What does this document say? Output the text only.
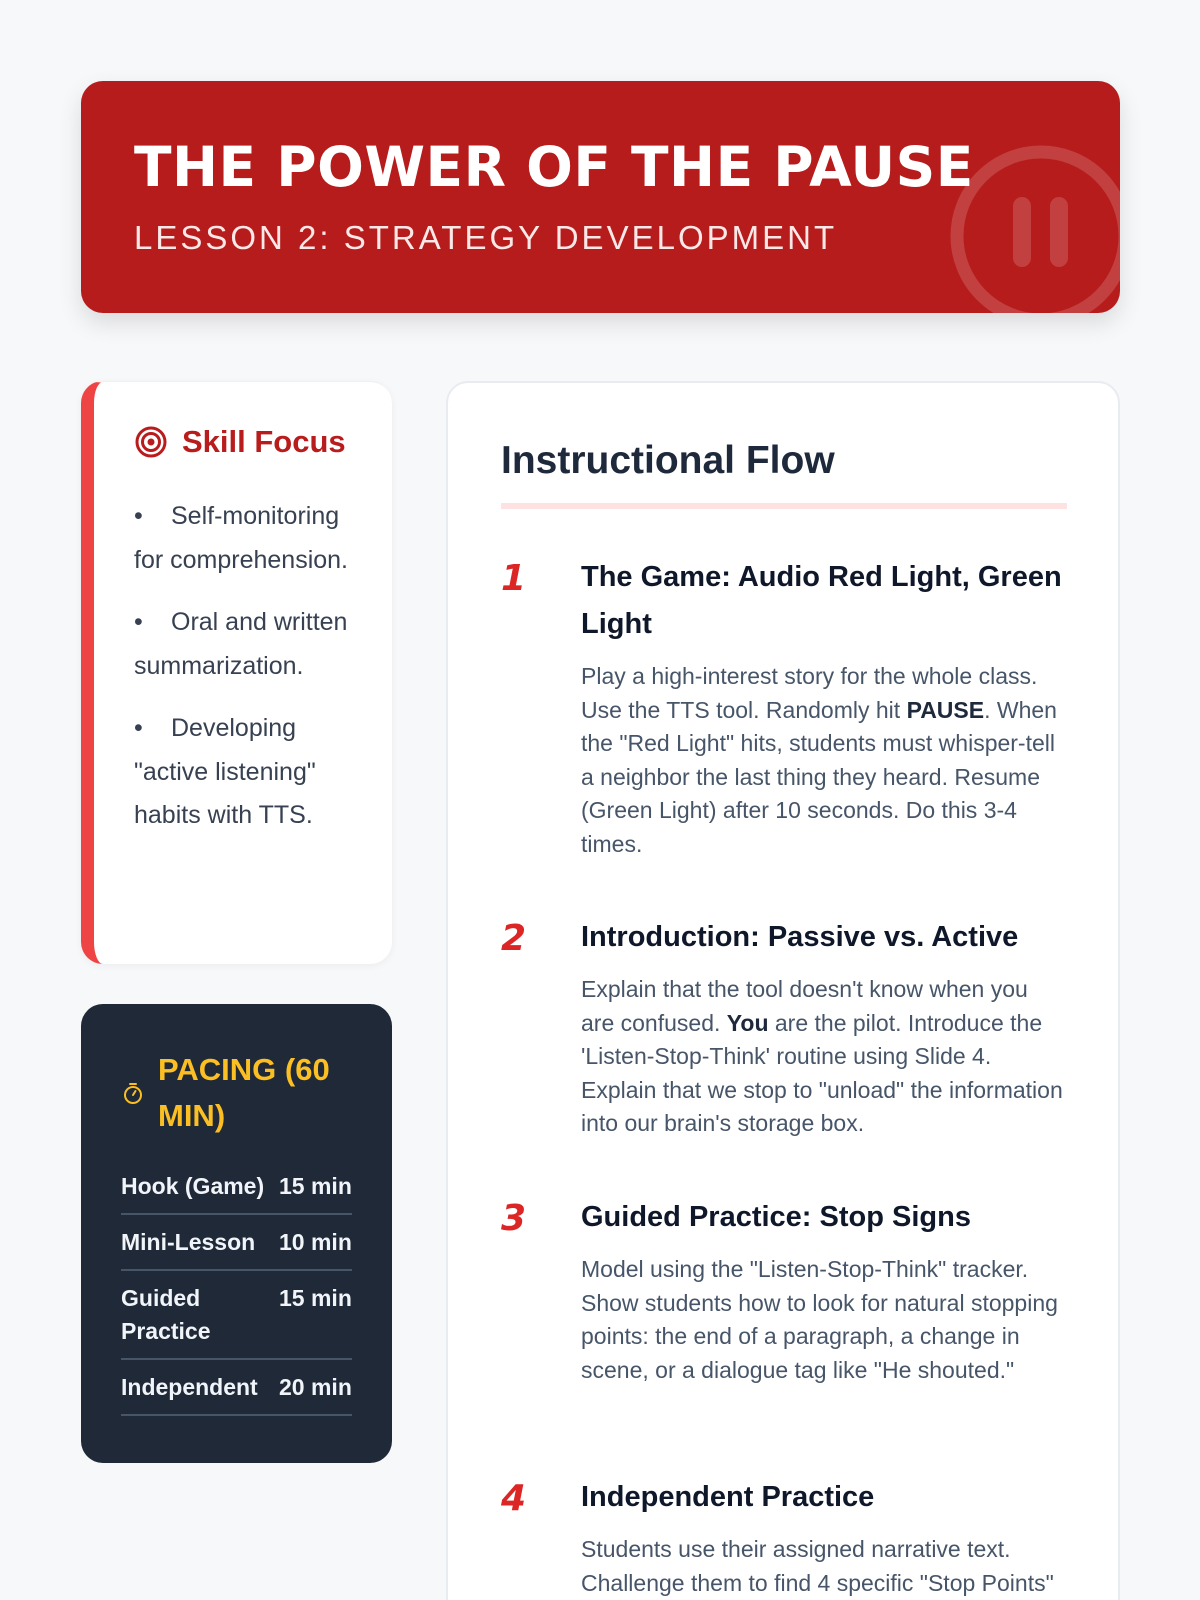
THE POWER OF THE PAUSE
LESSON 2: STRATEGY DEVELOPMENT
Skill Focus
• Self-monitoring for comprehension.
• Oral and written summarization.
• Developing "active listening" habits with TTS.
PACING (60 MIN)
Hook (Game) 15 min
Mini-Lesson	10 min
Guided Practice
15 min
Independent 20 min
Instructional Flow
1 The Game: Audio Red Light, Green Light
Play a high-interest story for the whole class. Use the TTS tool. Randomly hit PAUSE. When the "Red Light" hits, students must whisper-tell a neighbor the last thing they heard. Resume (Green Light) after 10 seconds. Do this 3-4 times.
2 Introduction: Passive vs. Active
Explain that the tool doesn't know when you are confused. You are the pilot. Introduce the 'Listen-Stop-Think' routine using Slide 4. Explain that we stop to "unload" the information into our brain's storage box.
3 Guided Practice: Stop Signs
Model using the "Listen-Stop-Think" tracker. Show students how to look for natural stopping points: the end of a paragraph, a change in scene, or a dialogue tag like "He shouted."
4 Independent Practice
Students use their assigned narrative text. Challenge them to find 4 specific "Stop Points"
